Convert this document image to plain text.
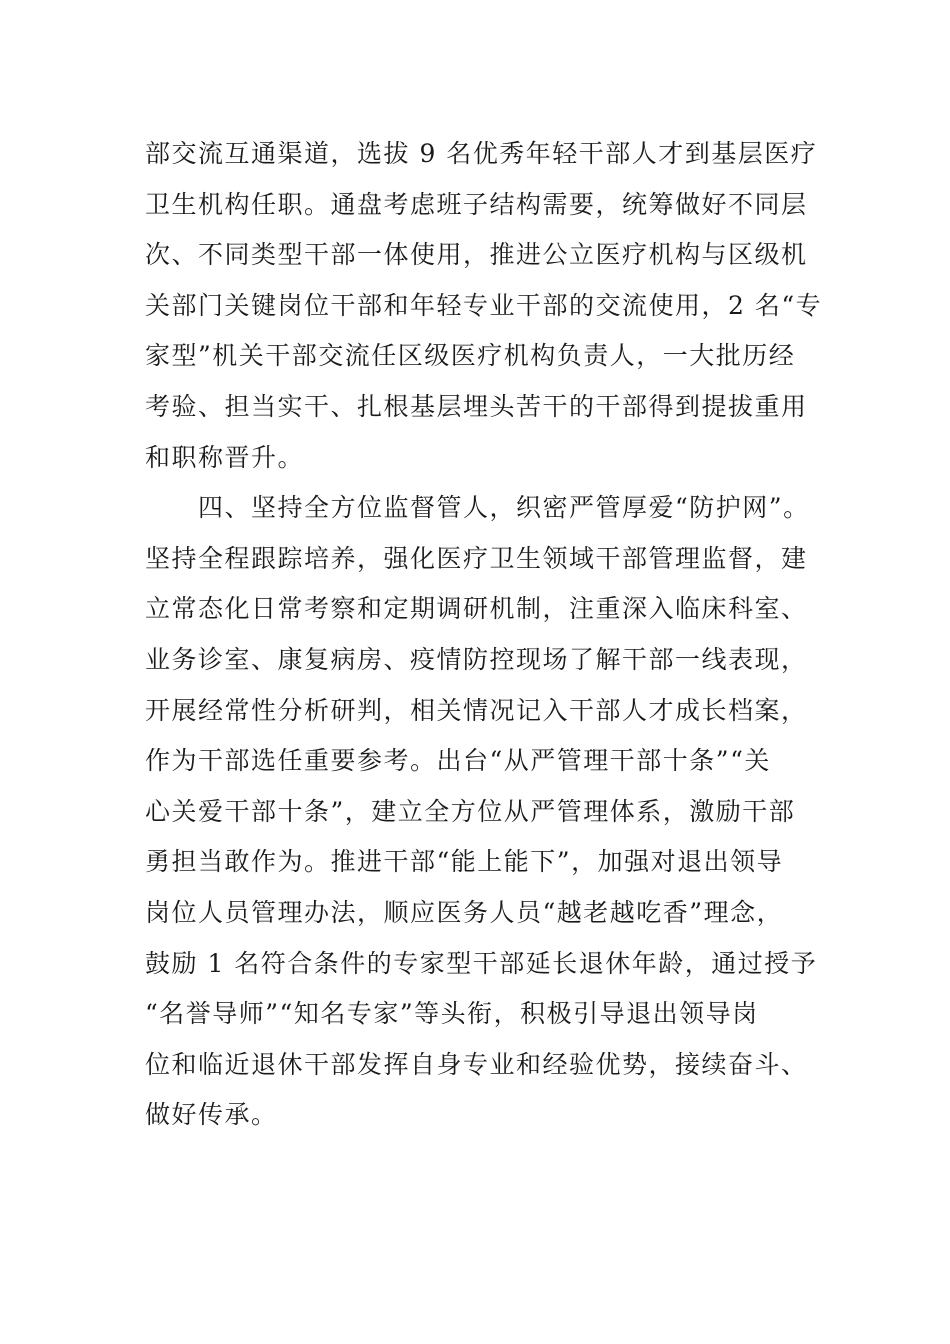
部交流互通渠道，选拔 9 名优秀年轻干部人才到基层医疗
卫生机构任职。通盘考虑班子结构需要，统筹做好不同层
次、不同类型干部一体使用，推进公立医疗机构与区级机
关部门关键岗位干部和年轻专业干部的交流使用，2 名“专
家型”机关干部交流任区级医疗机构负责人，一大批历经
考验、担当实干、扎根基层埋头苦干的干部得到提拔重用
和职称晋升。
　　四、坚持全方位监督管人，织密严管厚爱“防护网”。
坚持全程跟踪培养，强化医疗卫生领域干部管理监督，建
立常态化日常考察和定期调研机制，注重深入临床科室、
业务诊室、康复病房、疫情防控现场了解干部一线表现，
开展经常性分析研判，相关情况记入干部人才成长档案，
作为干部选任重要参考。出台“从严管理干部十条”“关
心关爱干部十条”，建立全方位从严管理体系，激励干部
勇担当敢作为。推进干部“能上能下”，加强对退出领导
岗位人员管理办法，顺应医务人员“越老越吃香”理念，
鼓励 1 名符合条件的专家型干部延长退休年龄，通过授予
“名誉导师”“知名专家”等头衔，积极引导退出领导岗
位和临近退休干部发挥自身专业和经验优势，接续奋斗、
做好传承。
